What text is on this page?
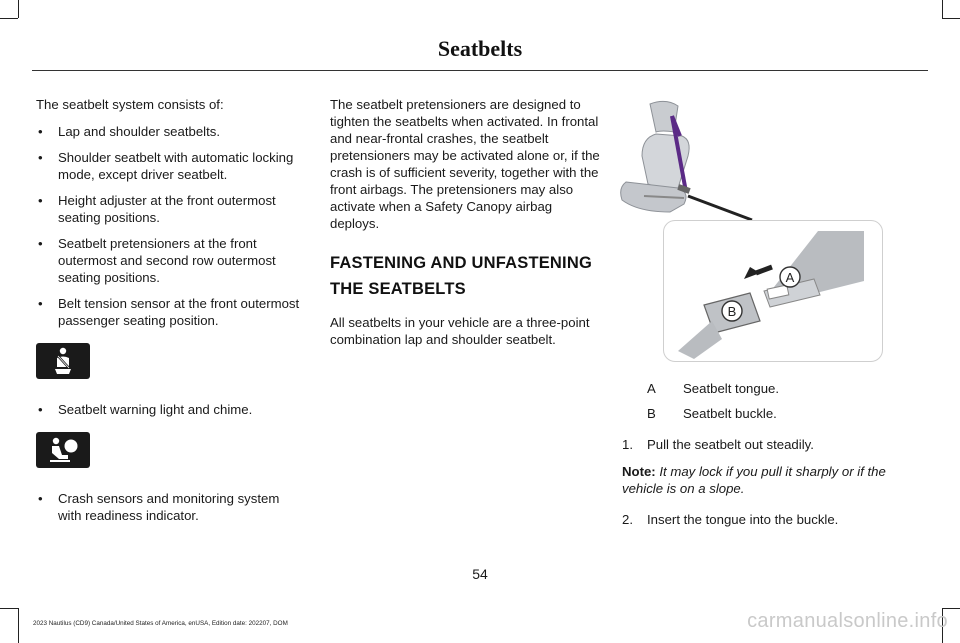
Seatbelts

The seatbelt system consists of:

• Lap and shoulder seatbelts.
• Shoulder seatbelt with automatic locking mode, except driver seatbelt.
• Height adjuster at the front outermost seating positions.
• Seatbelt pretensioners at the front outermost and second row outermost seating positions.
• Belt tension sensor at the front outermost passenger seating position.
• Seatbelt warning light and chime.
• Crash sensors and monitoring system with readiness indicator.

The seatbelt pretensioners are designed to tighten the seatbelts when activated. In frontal and near-frontal crashes, the seatbelt pretensioners may be activated alone or, if the crash is of sufficient severity, together with the front airbags. The pretensioners may also activate when a Safety Canopy airbag deploys.

FASTENING AND UNFASTENING
THE SEATBELTS

All seatbelts in your vehicle are a three-point combination lap and shoulder seatbelt.

A
B
A	Seatbelt tongue.
B	Seatbelt buckle.
1.	Pull the seatbelt out steadily.

Note: It may lock if you pull it sharply or if the vehicle is on a slope.

2.	Insert the tongue into the buckle.
54
2023 Nautilus (CD9) Canada/United States of America, enUSA, Edition date: 202207, DOM	carmanualsonline.info
